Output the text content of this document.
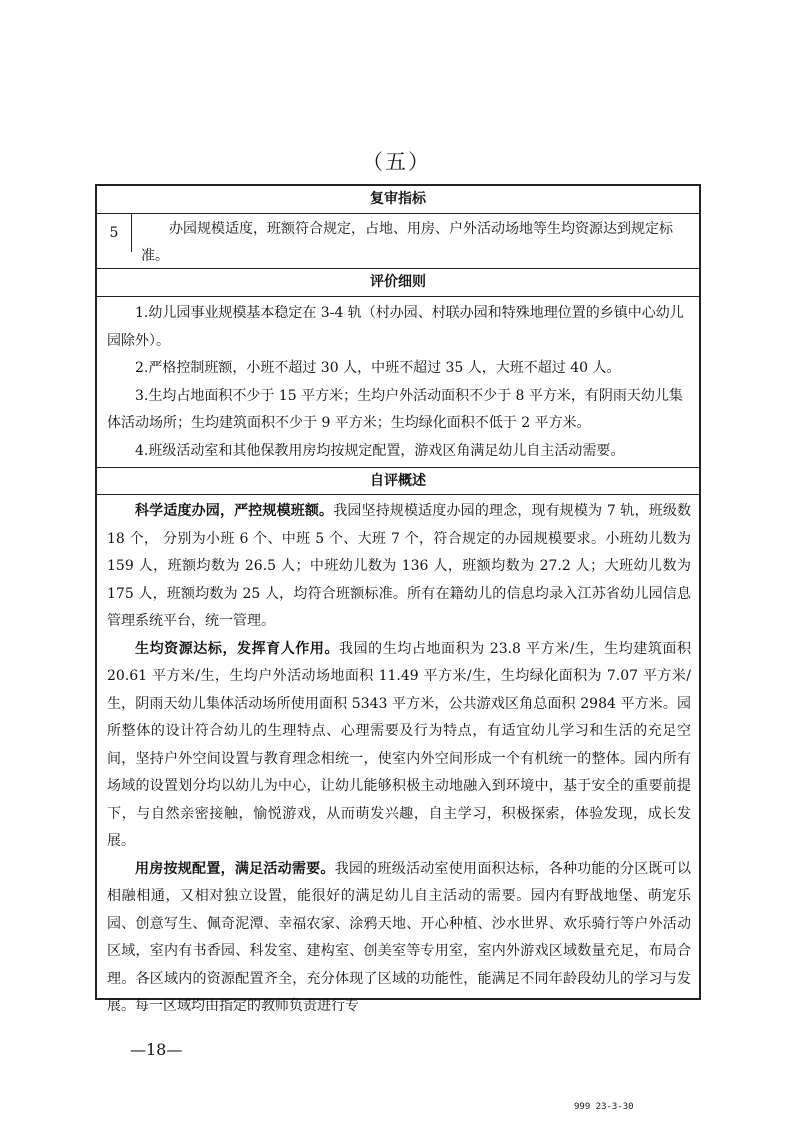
（五）
复审指标
5	办园规模适度，班额符合规定，占地、用房、户外活动场地等生均资源达到规定标准。
评价细则

1.幼儿园事业规模基本稳定在 3-4 轨（村办园、村联办园和特殊地理位置的乡镇中心幼儿园除外）。

2.严格控制班额，小班不超过 30 人，中班不超过 35 人，大班不超过 40 人。

3.生均占地面积不少于 15 平方米；生均户外活动面积不少于 8 平方米，有阴雨天幼儿集体活动场所；生均建筑面积不少于 9 平方米；生均绿化面积不低于 2 平方米。

4.班级活动室和其他保教用房均按规定配置，游戏区角满足幼儿自主活动需要。

自评概述

科学适度办园，严控规模班额。我园坚持规模适度办园的理念，现有规模为 7 轨，班级数 18 个， 分别为小班 6 个、中班 5 个、大班 7 个，符合规定的办园规模要求。小班幼儿数为 159 人，班额均数为 26.5 人；中班幼儿数为 136 人，班额均数为 27.2 人；大班幼儿数为 175 人，班额均数为 25 人，均符合班额标准。所有在籍幼儿的信息均录入江苏省幼儿园信息管理系统平台，统一管理。

生均资源达标，发挥育人作用。我园的生均占地面积为 23.8 平方米/生，生均建筑面积 20.61 平方米/生，生均户外活动场地面积 11.49 平方米/生，生均绿化面积为 7.07 平方米/生，阴雨天幼儿集体活动场所使用面积 5343 平方米，公共游戏区角总面积 2984 平方米。园所整体的设计符合幼儿的生理特点、心理需要及行为特点，有适宜幼儿学习和生活的充足空间，坚持户外空间设置与教育理念相统一，使室内外空间形成一个有机统一的整体。园内所有场域的设置划分均以幼儿为中心，让幼儿能够积极主动地融入到环境中，基于安全的重要前提下，与自然亲密接触，愉悦游戏，从而萌发兴趣，自主学习，积极探索，体验发现，成长发展。

用房按规配置，满足活动需要。我园的班级活动室使用面积达标，各种功能的分区既可以相融相通，又相对独立设置，能很好的满足幼儿自主活动的需要。园内有野战地堡、萌宠乐园、创意写生、佩奇泥潭、幸福农家、涂鸦天地、开心种植、沙水世界、欢乐骑行等户外活动区域，室内有书香园、科发室、建构室、创美室等专用室，室内外游戏区域数量充足，布局合理。各区域内的资源配置齐全，充分体现了区域的功能性，能满足不同年龄段幼儿的学习与发展。每一区域均由指定的教师负责进行专

—18—
999 23-3-30
